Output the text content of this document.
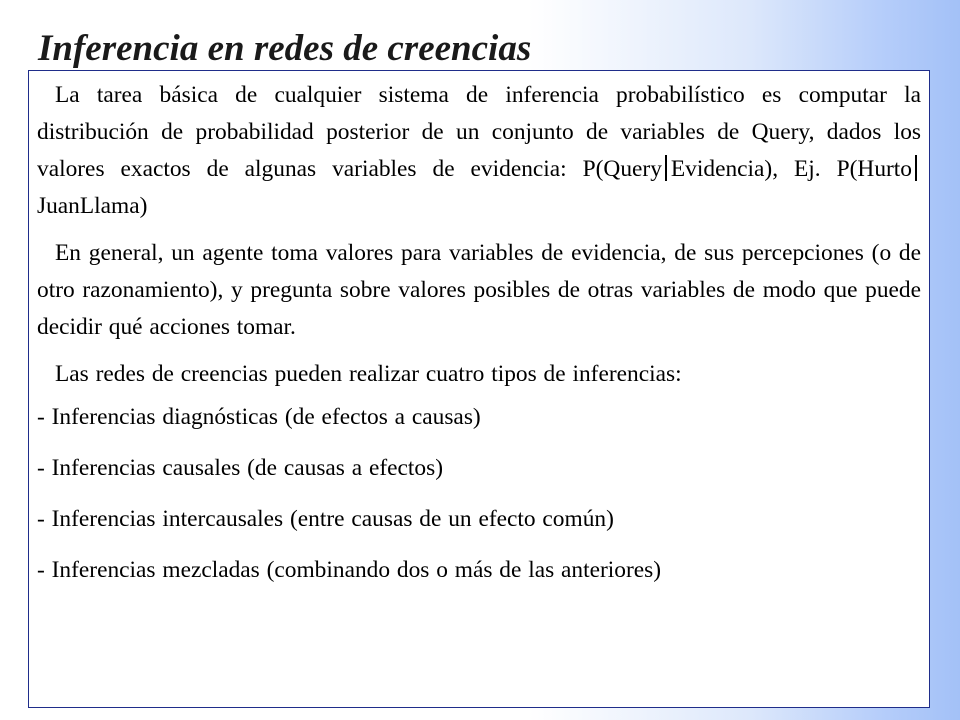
Inferencia en redes de creencias

La tarea básica de cualquier sistema de inferencia probabilístico es computar la distribución de probabilidad posterior de un conjunto de variables de Query, dados los valores exactos de algunas variables de evidencia: P(Query Evidencia), Ej. P(HurtoJuanLlama)

En general, un agente toma valores para variables de evidencia, de sus percepciones (o de otro razonamiento), y pregunta sobre valores posibles de otras variables de modo que puede decidir qué acciones tomar.

Las redes de creencias pueden realizar cuatro tipos de inferencias:

- Inferencias diagnósticas (de efectos a causas)

- Inferencias causales (de causas a efectos)

- Inferencias intercausales (entre causas de un efecto común)

- Inferencias mezcladas (combinando dos o más de las anteriores)
